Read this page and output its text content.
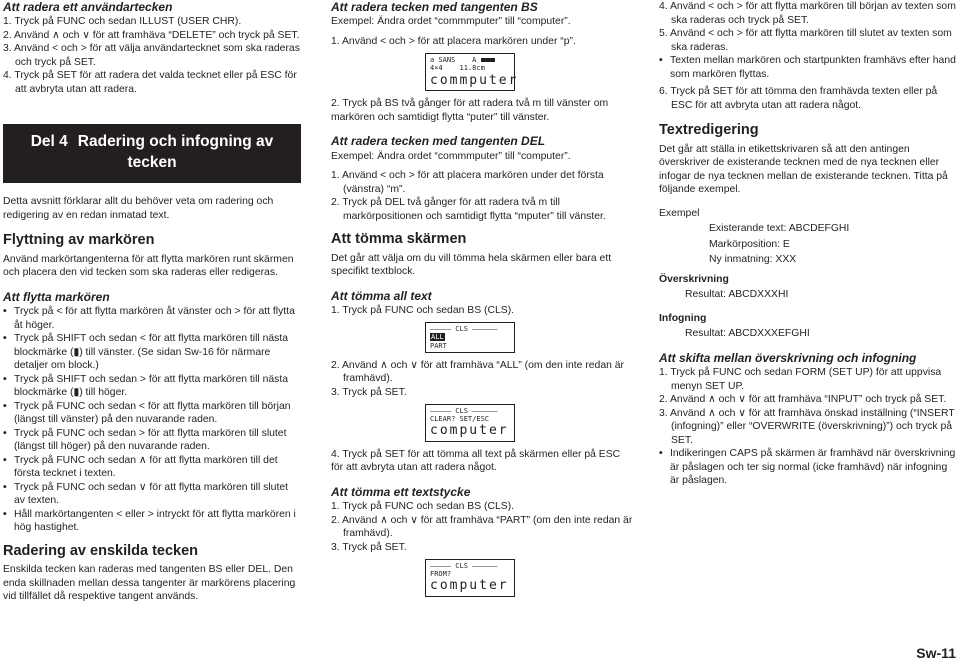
Att radera ett användartecken
1. Tryck på FUNC och sedan ILLUST (USER CHR).
2. Använd ∧ och ∨ för att framhäva “DELETE” och tryck på SET.
3. Använd < och > för att välja användartecknet som ska raderas och tryck på SET.
4. Tryck på SET för att radera det valda tecknet eller på ESC för att avbryta utan att radera.
Del 4 Radering och infogning av tecken

Detta avsnitt förklarar allt du behöver veta om radering och redigering av en redan inmatad text.

Flyttning av markören

Använd markörtangenterna för att flytta markören runt skärmen och placera den vid tecken som ska raderas eller redigeras.

Att flytta markören
• Tryck på < för att flytta markören åt vänster och > för att flytta åt höger.
• Tryck på SHIFT och sedan < för att flytta markören till nästa blockmärke (▮) till vänster. (Se sidan Sw-16 för närmare detaljer om block.)
• Tryck på SHIFT och sedan > för att flytta markören till nästa blockmärke (▮) till höger.
• Tryck på FUNC och sedan < för att flytta markören till början (längst till vänster) på den nuvarande raden.
• Tryck på FUNC och sedan > för att flytta markören till slutet (längst till höger) på den nuvarande raden.
• Tryck på FUNC och sedan ∧ för att flytta markören till det första tecknet i texten.
• Tryck på FUNC och sedan ∨ för att flytta markören till slutet av texten.
• Håll markörtangenten < eller > intryckt för att flytta markören i hög hastighet.
Radering av enskilda tecken

Enskilda tecken kan raderas med tangenten BS eller DEL. Den enda skillnaden mellan dessa tangenter är markörens placering vid tillfället då respektive tangent används.

Att radera tecken med tangenten BS

Exempel: Ändra ordet “commmputer” till “computer”.

1. Använd < och > för att placera markören under “p”.
a SANS A
4×4 11.8cm
commputer

2. Tryck på BS två gånger för att radera två m till vänster om markören och samtidigt flytta “puter” till vänster.

Att radera tecken med tangenten DEL

Exempel: Ändra ordet “commmputer” till “computer”.

1. Använd < och > för att placera markören under det första (vänstra) “m”.
2. Tryck på DEL två gånger för att radera två m till markörpositionen och samtidigt flytta “mputer” till vänster.
Att tömma skärmen

Det går att välja om du vill tömma hela skärmen eller bara ett specifikt textblock.

Att tömma all text

1. Tryck på FUNC och sedan BS (CLS).

––––– CLS ––––––
ALL
PART
2. Använd ∧ och ∨ för att framhäva “ALL” (om den inte redan är framhävd).
3. Tryck på SET.
––––– CLS ––––––
CLEAR? SET/ESC
computer

4. Tryck på SET för att tömma all text på skärmen eller på ESC för att avbryta utan att radera något.

Att tömma ett textstycke
1. Tryck på FUNC och sedan BS (CLS).
2. Använd ∧ och ∨ för att framhäva “PART” (om den inte redan är framhävd).
3. Tryck på SET.
––––– CLS ––––––
FROM?
computer
4. Använd < och > för att flytta markören till början av texten som ska raderas och tryck på SET.
5. Använd < och > för att flytta markören till slutet av texten som ska raderas.
• Texten mellan markören och startpunkten framhävs efter hand som markören flyttas.

6. Tryck på SET för att tömma den framhävda texten eller på ESC för att avbryta utan att radera något.

Textredigering

Det går att ställa in etikettskrivaren så att den antingen överskriver de existerande tecknen med de nya tecknen eller infogar de nya tecknen mellan de existerande tecknen. Titta på följande exempel.

Exempel

Existerande text: ABCDEFGHI

Markörposition: E

Ny inmatning: XXX

Överskrivning

Resultat: ABCDXXXHI

Infogning

Resultat: ABCDXXXEFGHI

Att skifta mellan överskrivning och infogning
1. Tryck på FUNC och sedan FORM (SET UP) för att uppvisa menyn SET UP.
2. Använd ∧ och ∨ för att framhäva “INPUT” och tryck på SET.
3. Använd ∧ och ∨ för att framhäva önskad inställning (“INSERT (infogning)” eller “OVERWRITE (överskrivning)”) och tryck på SET.
• Indikeringen CAPS på skärmen är framhävd när överskrivning är påslagen och ter sig normal (icke framhävd) när infogning är påslagen.
Sw-11
